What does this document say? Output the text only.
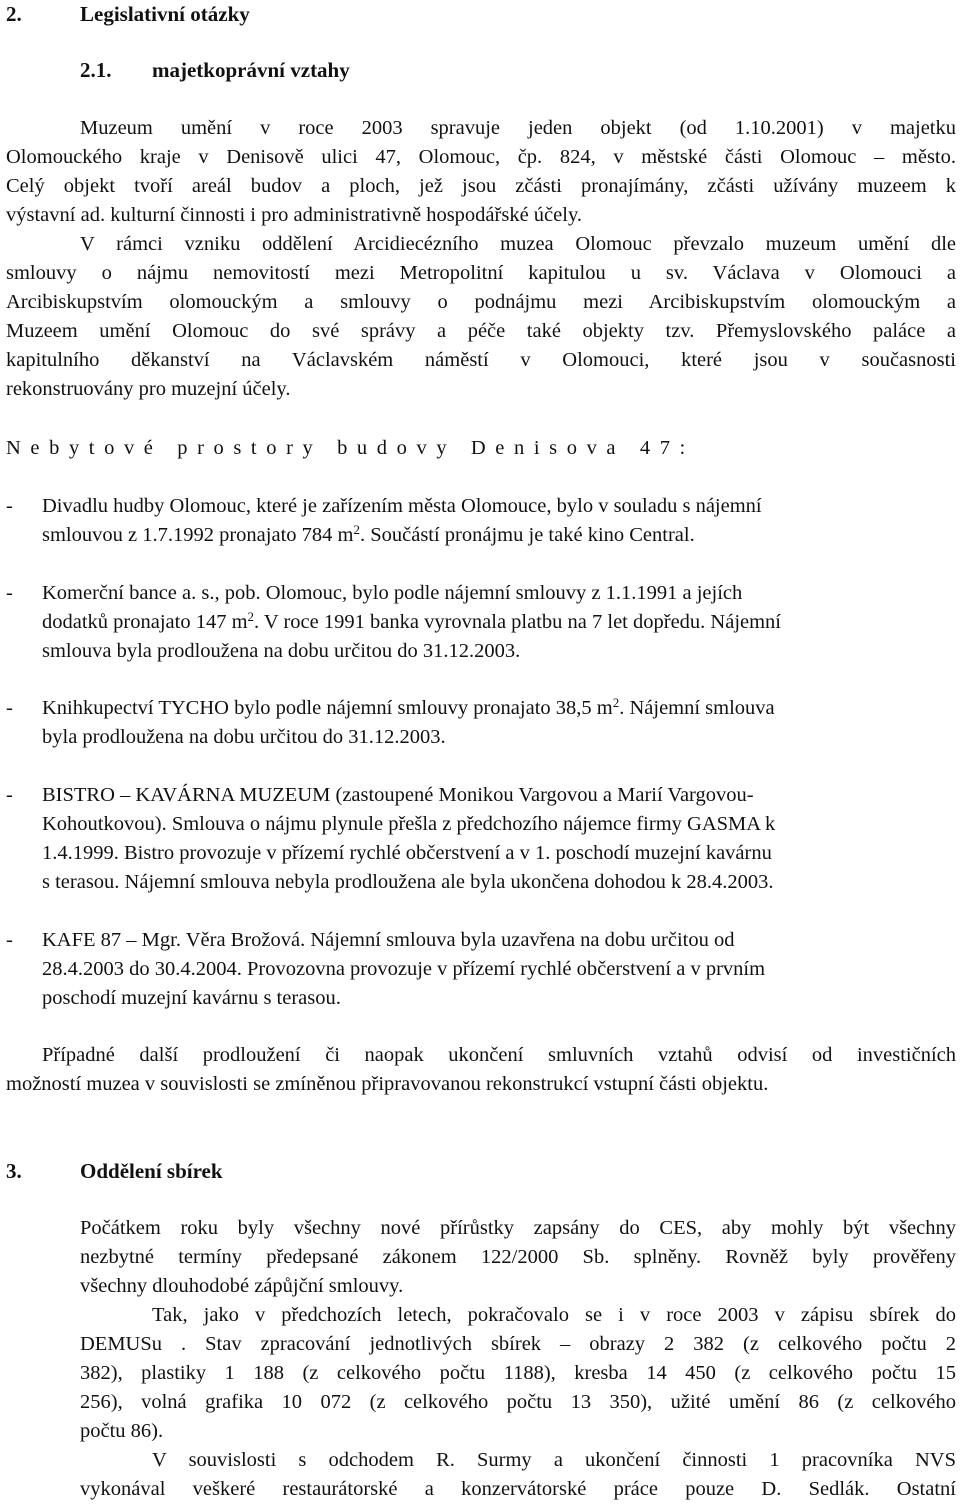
2.	Legislativní otázky
2.1. majetkoprávní vztahy
Muzeum umění v roce 2003 spravuje jeden objekt (od 1.10.2001) v majetku
Olomouckého kraje v Denisově ulici 47, Olomouc, čp. 824, v městské části Olomouc – město.
Celý objekt tvoří areál budov a ploch, jež jsou zčásti pronajímány, zčásti užívány muzeem k
výstavní ad. kulturní činnosti i pro administrativně hospodářské účely.
V rámci vzniku oddělení Arcidiecézního muzea Olomouc převzalo muzeum umění dle
smlouvy o nájmu nemovitostí mezi Metropolitní kapitulou u sv. Václava v Olomouci a
Arcibiskupstvím olomouckým a smlouvy o podnájmu mezi Arcibiskupstvím olomouckým a
Muzeem umění Olomouc do své správy a péče také objekty tzv. Přemyslovského paláce a
kapitulního děkanství na Václavském náměstí v Olomouci, které jsou v současnosti
rekonstruovány pro muzejní účely.
Nebytové prostory budovy Denisova 47:
- Divadlu hudby Olomouc, které je zařízením města Olomouce, bylo v souladu s nájemní
smlouvou z 1.7.1992 pronajato 784 $m^2$. Součástí pronájmu je také kino Central.
- Komerční bance a. s., pob. Olomouc, bylo podle nájemní smlouvy z 1.1.1991 a jejích
dodatků pronajato 147 $m^2$. V roce 1991 banka vyrovnala platbu na 7 let dopředu. Nájemní
smlouva byla prodloužena na dobu určitou do 31.12.2003.
- Knihkupectví TYCHO bylo podle nájemní smlouvy pronajato 38,5 $m^2$. Nájemní smlouva
byla prodloužena na dobu určitou do 31.12.2003.
- BISTRO – KAVÁRNA MUZEUM (zastoupené Monikou Vargovou a Marií Vargovou-
Kohoutkovou). Smlouva o nájmu plynule přešla z předchozího nájemce firmy GASMA k
1.4.1999. Bistro provozuje v přízemí rychlé občerstvení a v 1. poschodí muzejní kavárnu
s terasou. Nájemní smlouva nebyla prodloužena ale byla ukončena dohodou k 28.4.2003.
- KAFE 87 – Mgr. Věra Brožová. Nájemní smlouva byla uzavřena na dobu určitou od
28.4.2003 do 30.4.2004. Provozovna provozuje v přízemí rychlé občerstvení a v prvním
poschodí muzejní kavárnu s terasou.
Případné další prodloužení či naopak ukončení smluvních vztahů odvisí od investičních
možností muzea v souvislosti se zmíněnou připravovanou rekonstrukcí vstupní části objektu.
3.	Oddělení sbírek
Počátkem roku byly všechny nové přírůstky zapsány do CES, aby mohly být všechny
nezbytné termíny předepsané zákonem 122/2000 Sb. splněny. Rovněž byly prověřeny
všechny dlouhodobé zápůjční smlouvy.
Tak, jako v předchozích letech, pokračovalo se i v roce 2003 v zápisu sbírek do
DEMUSu . Stav zpracování jednotlivých sbírek – obrazy 2 382 (z celkového počtu 2
382), plastiky 1 188 (z celkového počtu 1188), kresba 14 450 (z celkového počtu 15
256), volná grafika 10 072 (z celkového počtu 13 350), užité umění 86 (z celkového
počtu 86).
V souvislosti s odchodem R. Surmy a ukončení činnosti 1 pracovníka NVS
vykonával veškeré restaurátorské a konzervátorské práce pouze D. Sedlák. Ostatní
